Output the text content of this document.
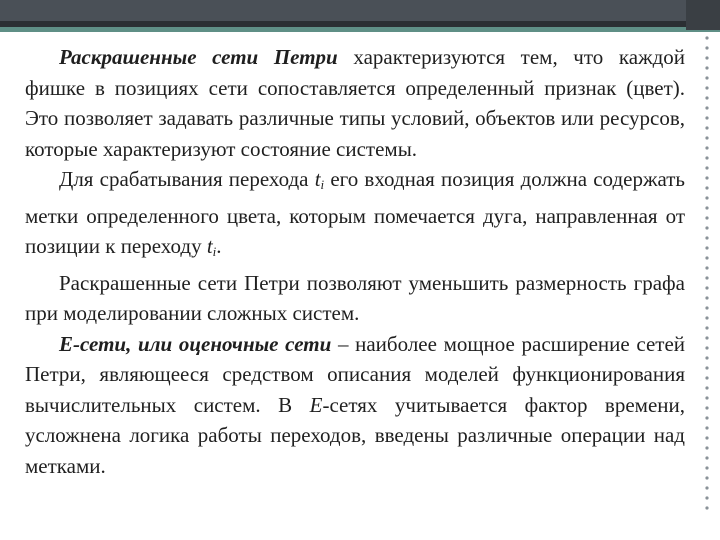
Раскрашенные сети Петри характеризуются тем, что каждой фишке в позициях сети сопоставляется определенный признак (цвет). Это позволяет задавать различные типы условий, объектов или ресурсов, которые характеризуют состояние системы.

Для срабатывания перехода $t_i$ его входная позиция должна содержать метки определенного цвета, которым помечается дуга, направленная от позиции к переходу $t_i$.

Раскрашенные сети Петри позволяют уменьшить размерность графа при моделировании сложных систем.

E-сети, или оценочные сети – наиболее мощное расширение сетей Петри, являющееся средством описания моделей функционирования вычислительных систем. В E-сетях учитывается фактор времени, усложнена логика работы переходов, введены различные операции над метками.
